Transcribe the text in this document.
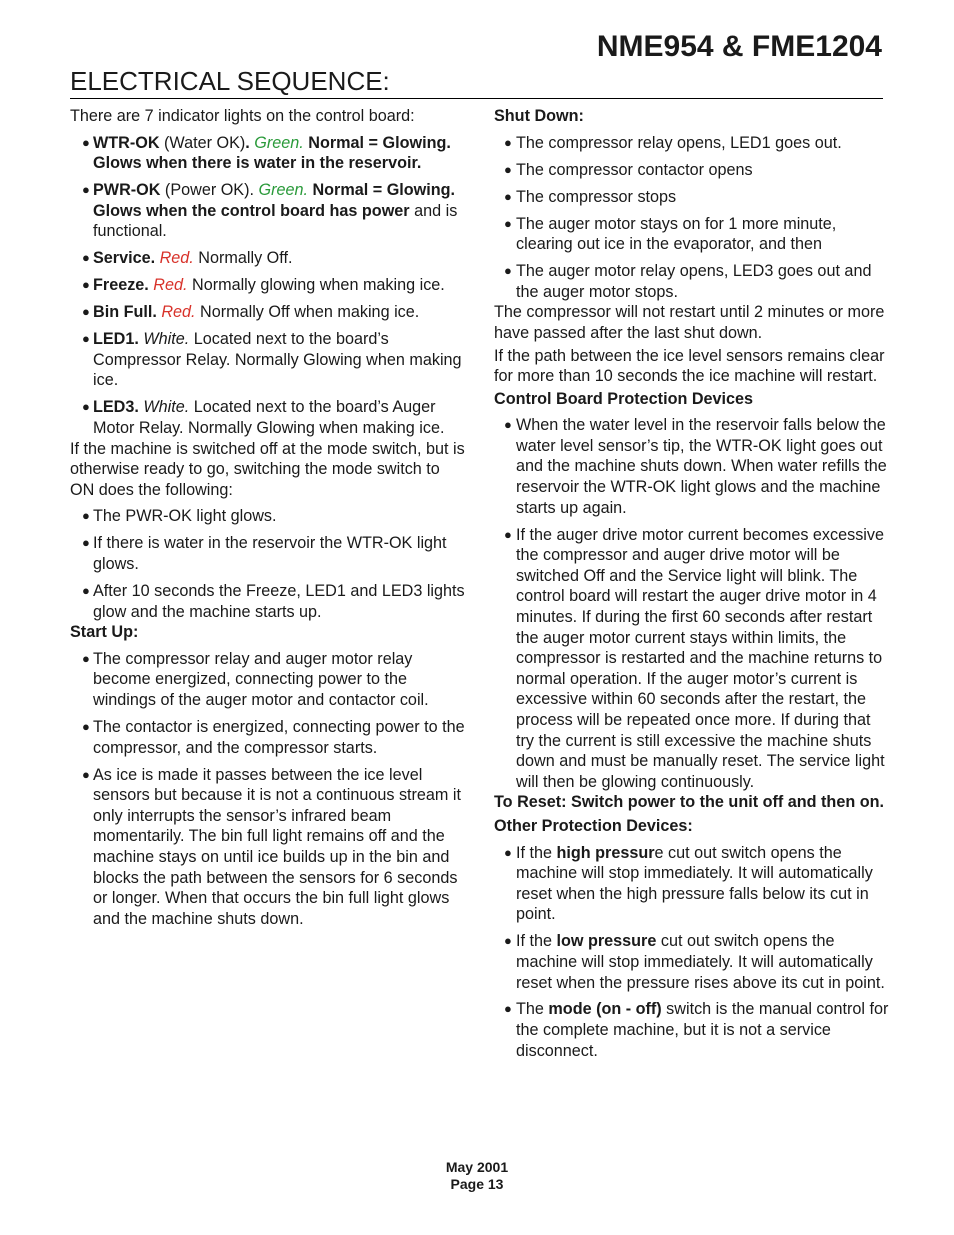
NME954 & FME1204
ELECTRICAL SEQUENCE:

There are 7 indicator lights on the control board:

● WTR-OK (Water OK). Green. Normal = Glowing. Glows when there is water in the reservoir.
● PWR-OK (Power OK). Green. Normal = Glowing. Glows when the control board has power and is functional.
● Service. Red. Normally Off.
● Freeze. Red. Normally glowing when making ice.
● Bin Full. Red. Normally Off when making ice.
● LED1. White. Located next to the board’s Compressor Relay. Normally Glowing when making ice.
● LED3. White. Located next to the board’s Auger Motor Relay. Normally Glowing when making ice.

If the machine is switched off at the mode switch, but is otherwise ready to go, switching the mode switch to ON does the following:

● The PWR-OK light glows.
● If there is water in the reservoir the WTR-OK light glows.
● After 10 seconds the Freeze, LED1 and LED3 lights glow and the machine starts up.

Start Up:

● The compressor relay and auger motor relay become energized, connecting power to the windings of the auger motor and contactor coil.
● The contactor is energized, connecting power to the compressor, and the compressor starts.
● As ice is made it passes between the ice level sensors but because it is not a continuous stream it only interrupts the sensor’s infrared beam momentarily. The bin full light remains off and the machine stays on until ice builds up in the bin and blocks the path between the sensors for 6 seconds or longer. When that occurs the bin full light glows and the machine shuts down.

Shut Down:

● The compressor relay opens, LED1 goes out.
● The compressor contactor opens
● The compressor stops
● The auger motor stays on for 1 more minute, clearing out ice in the evaporator, and then
● The auger motor relay opens, LED3 goes out and the auger motor stops.

The compressor will not restart until 2 minutes or more have passed after the last shut down.

If the path between the ice level sensors remains clear for more than 10 seconds the ice machine will restart.

Control Board Protection Devices

● When the water level in the reservoir falls below the water level sensor’s tip, the WTR-OK light goes out and the machine shuts down. When water refills the reservoir the WTR-OK light glows and the machine starts up again.
● If the auger drive motor current becomes excessive the compressor and auger drive motor will be switched Off and the Service light will blink. The control board will restart the auger drive motor in 4 minutes. If during the first 60 seconds after restart the auger motor current stays within limits, the compressor is restarted and the machine returns to normal operation. If the auger motor’s current is excessive within 60 seconds after the restart, the process will be repeated once more. If during that try the current is still excessive the machine shuts down and must be manually reset. The service light will then be glowing continuously.

To Reset: Switch power to the unit off and then on.

Other Protection Devices:

● If the high pressure cut out switch opens the machine will stop immediately. It will automatically reset when the high pressure falls below its cut in point.
● If the low pressure cut out switch opens the machine will stop immediately. It will automatically reset when the pressure rises above its cut in point.
● The mode (on - off) switch is the manual control for the complete machine, but it is not a service disconnect.
May 2001
Page 13
